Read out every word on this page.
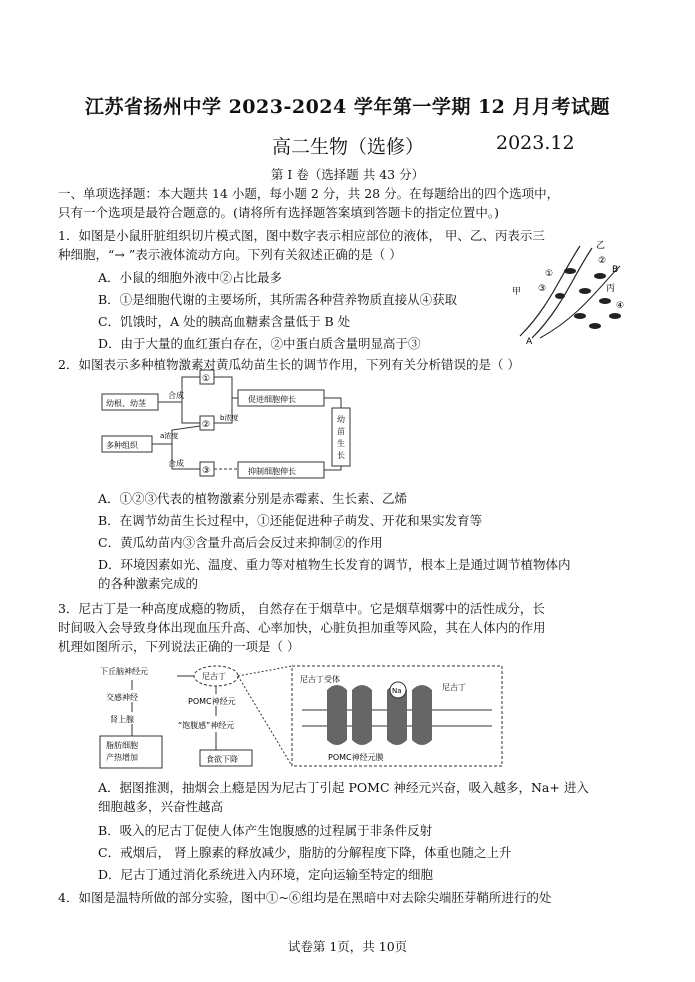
江苏省扬州中学 2023-2024 学年第一学期 12 月月考试题
高二生物（选修）	2023.12
第 I 卷（选择题 共 43 分）
一、单项选择题：本大题共 14 小题，每小题 2 分，共 28 分。在每题给出的四个选项中，
只有一个选项是最符合题意的。(请将所有选择题答案填到答题卡的指定位置中。)
1．如图是小鼠肝脏组织切片模式图，图中数字表示相应部位的液体， 甲、乙、丙表示三
种细胞，“→ ”表示液体流动方向。下列有关叙述正确的是（ ）
A．小鼠的细胞外液中②占比最多
B．①是细胞代谢的主要场所，其所需各种营养物质直接从④获取
C．饥饿时，A 处的胰高血糖素含量低于 B 处
D．由于大量的血红蛋白存在，②中蛋白质含量明显高于③
甲
乙
丙
A
B
①
②
③
④
2．如图表示多种植物激素对黄瓜幼苗生长的调节作用，下列有关分析错误的是（ ）
幼根、幼茎
多种组织
合成
合成
①
②
③
促进细胞伸长
抑制细胞伸长
a浓度
b浓度	幼
苗
生
长
A．①②③代表的植物激素分别是赤霉素、生长素、乙烯
B．在调节幼苗生长过程中，①还能促进种子萌发、开花和果实发育等
C．黄瓜幼苗内③含量升高后会反过来抑制②的作用
D．环境因素如光、温度、重力等对植物生长发育的调节，根本上是通过调节植物体内
的各种激素完成的
3．尼古丁是一种高度成瘾的物质， 自然存在于烟草中。它是烟草烟雾中的活性成分，长
时间吸入会导致身体出现血压升高、心率加快，心脏负担加重等风险，其在人体内的作用
机理如图所示，下列说法正确的一项是（ ）
下丘脑神经元
交感神经
肾上腺
脂肪细胞
产热增加
尼古丁
POMC神经元
“饱腹感”神经元
食欲下降
尼古丁受体
Na	尼古丁
POMC神经元膜
A．据图推测，抽烟会上瘾是因为尼古丁引起 POMC 神经元兴奋，吸入越多，Na+ 进入
细胞越多，兴奋性越高
B．吸入的尼古丁促使人体产生饱腹感的过程属于非条件反射
C．戒烟后， 肾上腺素的释放减少，脂肪的分解程度下降，体重也随之上升
D．尼古丁通过消化系统进入内环境，定向运输至特定的细胞
4．如图是温特所做的部分实验，图中①~⑥组均是在黑暗中对去除尖端胚芽鞘所进行的处
试卷第 1页，共 10页
